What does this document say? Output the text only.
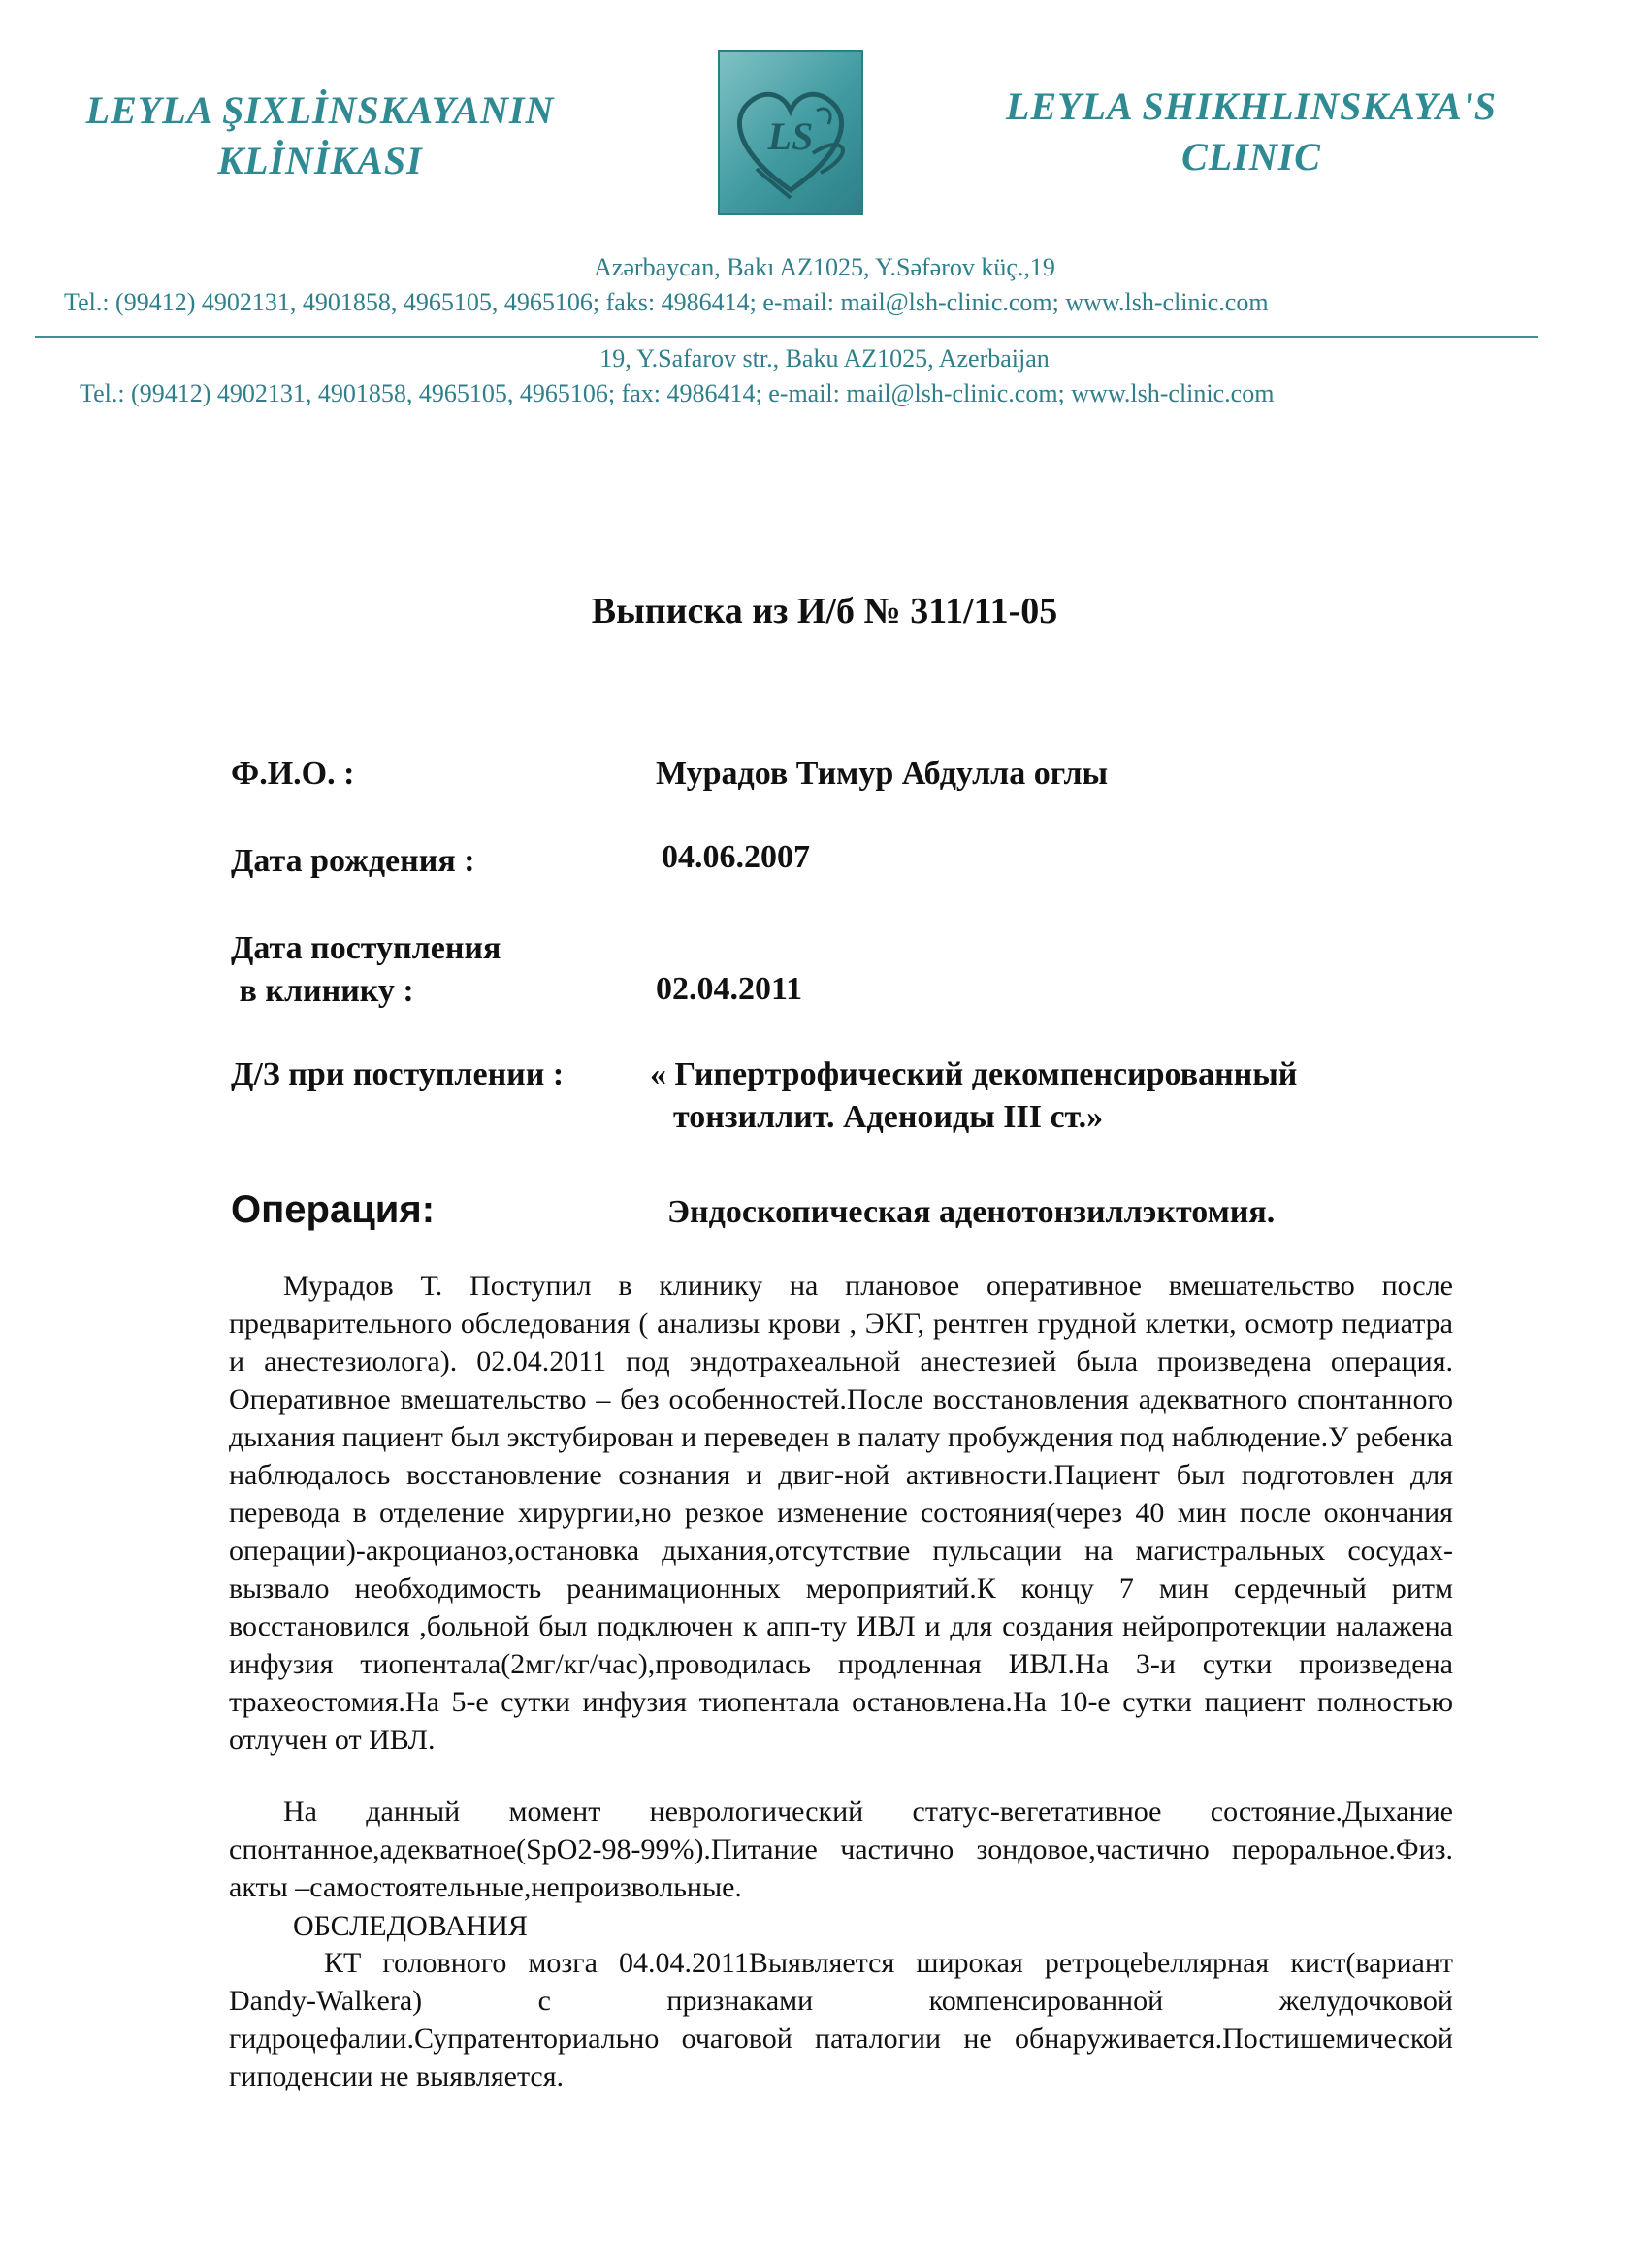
LEYLA ŞIXLİNSKAYANIN
KLİNİKASI
LS
LEYLA SHIKHLINSKAYA'S
CLINIC
Azərbaycan, Bakı AZ1025, Y.Səfərov küç.,19
Tel.: (99412) 4902131, 4901858, 4965105, 4965106; faks: 4986414; e-mail: mail@lsh-clinic.com; www.lsh-clinic.com
19, Y.Safarov str., Baku AZ1025, Azerbaijan
Tel.: (99412) 4902131, 4901858, 4965105, 4965106; fax: 4986414; e-mail: mail@lsh-clinic.com; www.lsh-clinic.com
Выписка из И/б № 311/11-05
Ф.И.О. :	Мурадов Тимур Абдулла оглы
Дата рождения :	04.06.2007
Дата поступления
в клинику :	02.04.2011
Д/З при поступлении :	« Гипертрофический декомпенсированный
тонзиллит. Аденоиды III ст.»
Операция:	Эндоскопическая аденотонзиллэктомия.
Мурадов Т. Поступил в клинику на плановое оперативное вмешательство после предварительного обследования ( анализы крови , ЭКГ, рентген грудной клетки, осмотр педиатра и анестезиолога). 02.04.2011 под эндотрахеальной анестезией была произведена операция. Оперативное вмешательство – без особенностей.После восстановления адекватного спонтанного дыхания пациент был экстубирован и переведен в палату пробуждения под наблюдение.У ребенка наблюдалось восстановление сознания и двиг-ной активности.Пациент был подготовлен для перевода в отделение хирургии,но резкое изменение состояния(через 40 мин после окончания операции)-акроцианоз,остановка дыхания,отсутствие пульсации на магистральных сосудах-вызвало необходимость реанимационных мероприятий.К концу 7 мин сердечный ритм восстановился ,больной был подключен к апп-ту ИВЛ и для создания нейропротекции налажена инфузия тиопентала(2мг/кг/час),проводилась продленная ИВЛ.На 3-и сутки произведена трахеостомия.На 5-е сутки инфузия тиопентала остановлена.На 10-е сутки пациент полностью отлучен от ИВЛ.
На данный момент неврологический статус-вегетативное состояние.Дыхание спонтанное,адекватное(SpO2-98-99%).Питание частично зондовое,частично пероральное.Физ. акты –самостоятельные,непроизвольные.
ОБСЛЕДОВАНИЯ
КТ головного мозга 04.04.2011Выявляется широкая ретроцеbеллярная кист(вариант Dandy-Walkera) с признаками компенсированной желудочковой гидроцефалии.Супратенториально очаговой паталогии не обнаруживается.Постишемической гиподенсии не выявляется.
